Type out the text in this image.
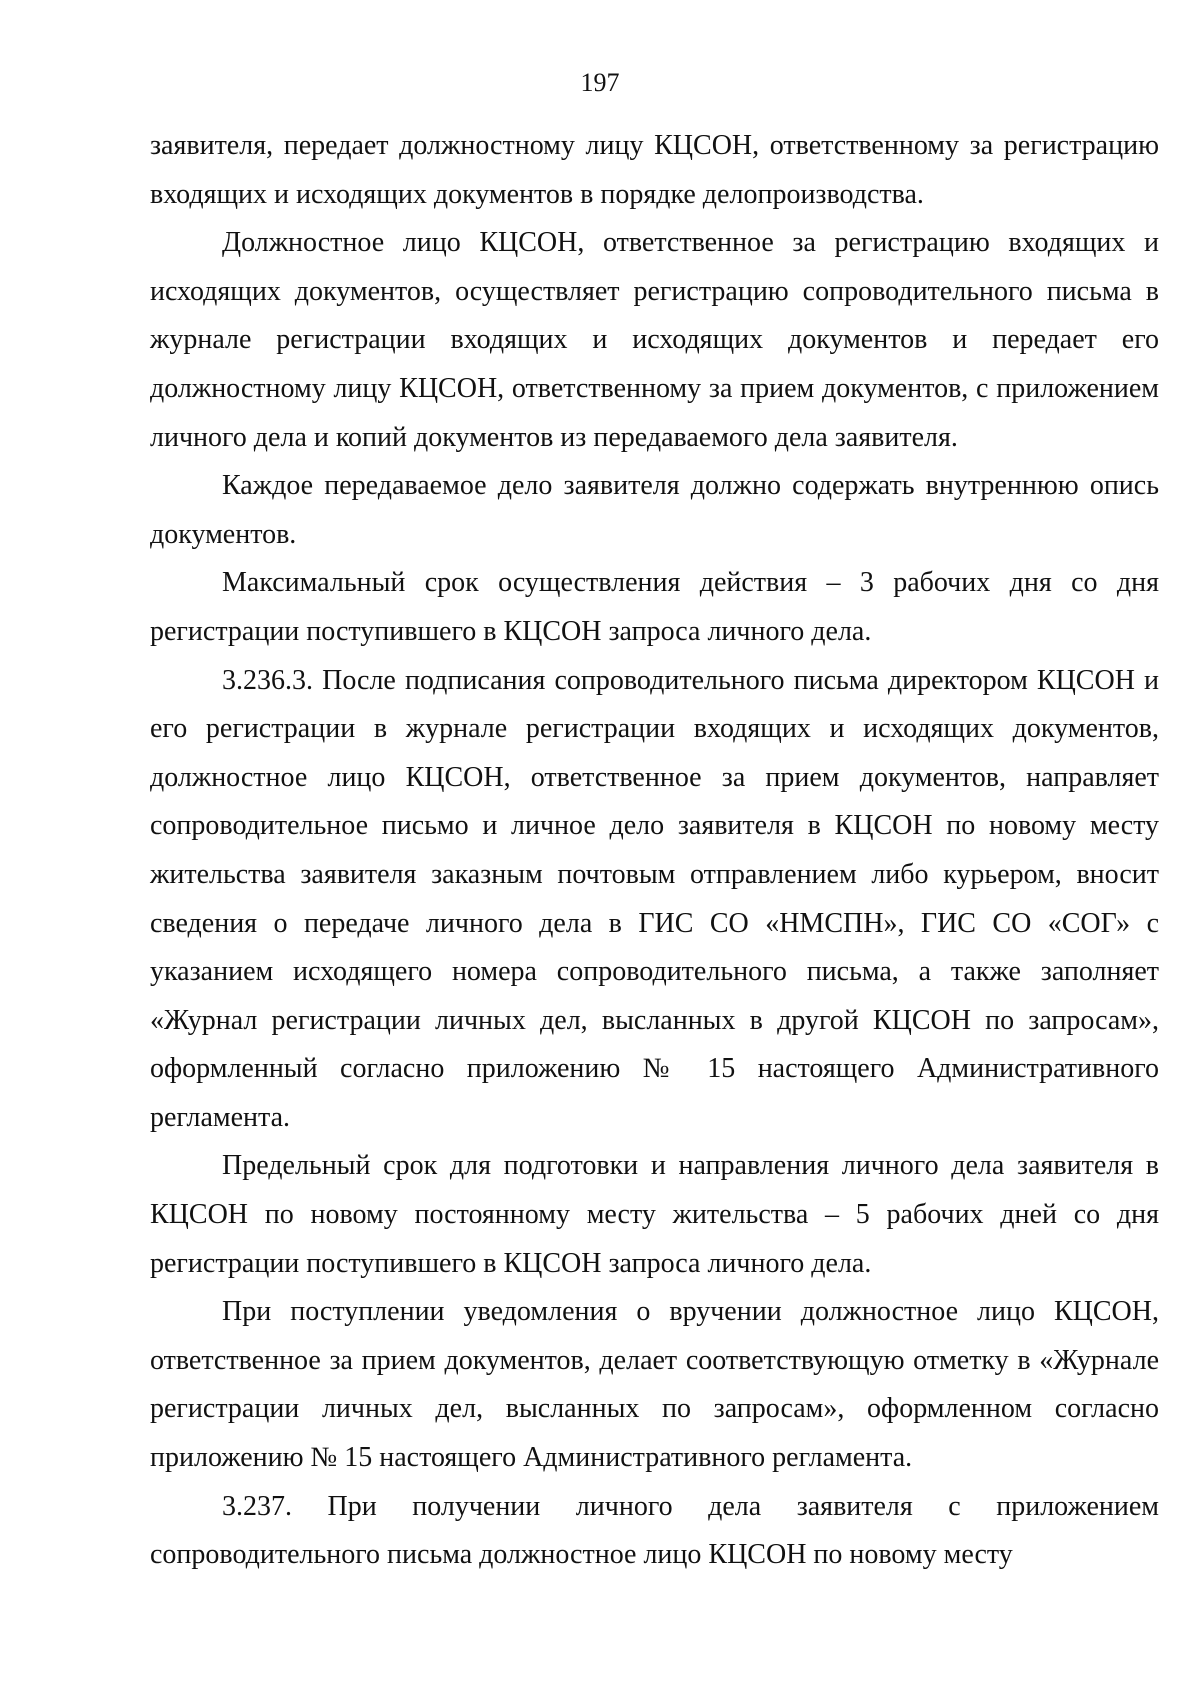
197

заявителя, передает должностному лицу КЦСОН, ответственному за регистрацию входящих и исходящих документов в порядке делопроизводства.

Должностное лицо КЦСОН, ответственное за регистрацию входящих и исходящих документов, осуществляет регистрацию сопроводительного письма в журнале регистрации входящих и исходящих документов и передает его должностному лицу КЦСОН, ответственному за прием документов, с приложением личного дела и копий документов из передаваемого дела заявителя.

Каждое передаваемое дело заявителя должно содержать внутреннюю опись документов.

Максимальный срок осуществления действия – 3 рабочих дня со дня регистрации поступившего в КЦСОН запроса личного дела.

3.236.3. После подписания сопроводительного письма директором КЦСОН и его регистрации в журнале регистрации входящих и исходящих документов, должностное лицо КЦСОН, ответственное за прием документов, направляет сопроводительное письмо и личное дело заявителя в КЦСОН по новому месту жительства заявителя заказным почтовым отправлением либо курьером, вносит сведения о передаче личного дела в ГИС СО «НМСПН», ГИС СО «СОГ» с указанием исходящего номера сопроводительного письма, а также заполняет «Журнал регистрации личных дел, высланных в другой КЦСОН по запросам», оформленный согласно приложению № 15 настоящего Административного регламента.

Предельный срок для подготовки и направления личного дела заявителя в КЦСОН по новому постоянному месту жительства – 5 рабочих дней со дня регистрации поступившего в КЦСОН запроса личного дела.

При поступлении уведомления о вручении должностное лицо КЦСОН, ответственное за прием документов, делает соответствующую отметку в «Журнале регистрации личных дел, высланных по запросам», оформленном согласно приложению № 15 настоящего Административного регламента.

3.237. При получении личного дела заявителя с приложением сопроводительного письма должностное лицо КЦСОН по новому месту
